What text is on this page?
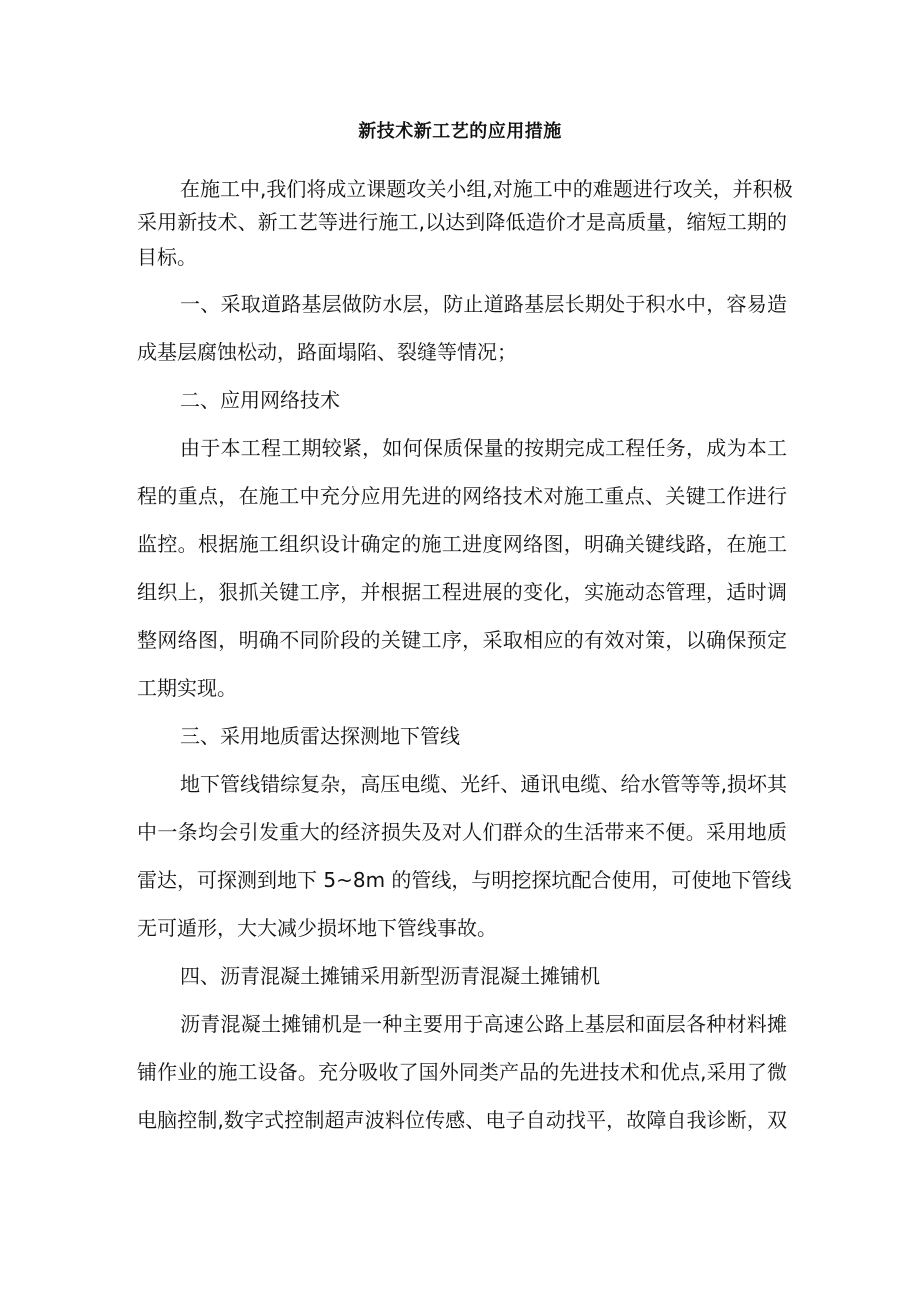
新技术新工艺的应用措施
在施工中,我们将成立课题攻关小组,对施工中的难题进行攻关，并积极
采用新技术、新工艺等进行施工,以达到降低造价才是高质量，缩短工期的
目标。
一、采取道路基层做防水层，防止道路基层长期处于积水中，容易造
成基层腐蚀松动，路面塌陷、裂缝等情况；
二、应用网络技术
由于本工程工期较紧，如何保质保量的按期完成工程任务，成为本工
程的重点，在施工中充分应用先进的网络技术对施工重点、关键工作进行
监控。根据施工组织设计确定的施工进度网络图，明确关键线路，在施工
组织上，狠抓关键工序，并根据工程进展的变化，实施动态管理，适时调
整网络图，明确不同阶段的关键工序，采取相应的有效对策，以确保预定
工期实现。
三、采用地质雷达探测地下管线
地下管线错综复杂，高压电缆、光纤、通讯电缆、给水管等等,损坏其
中一条均会引发重大的经济损失及对人们群众的生活带来不便。采用地质
雷达，可探测到地下 5~8m 的管线，与明挖探坑配合使用，可使地下管线
无可遁形，大大减少损坏地下管线事故。
四、沥青混凝土摊铺采用新型沥青混凝土摊铺机
沥青混凝土摊铺机是一种主要用于高速公路上基层和面层各种材料摊
铺作业的施工设备。充分吸收了国外同类产品的先进技术和优点,采用了微
电脑控制,数字式控制超声波料位传感、电子自动找平，故障自我诊断，双
